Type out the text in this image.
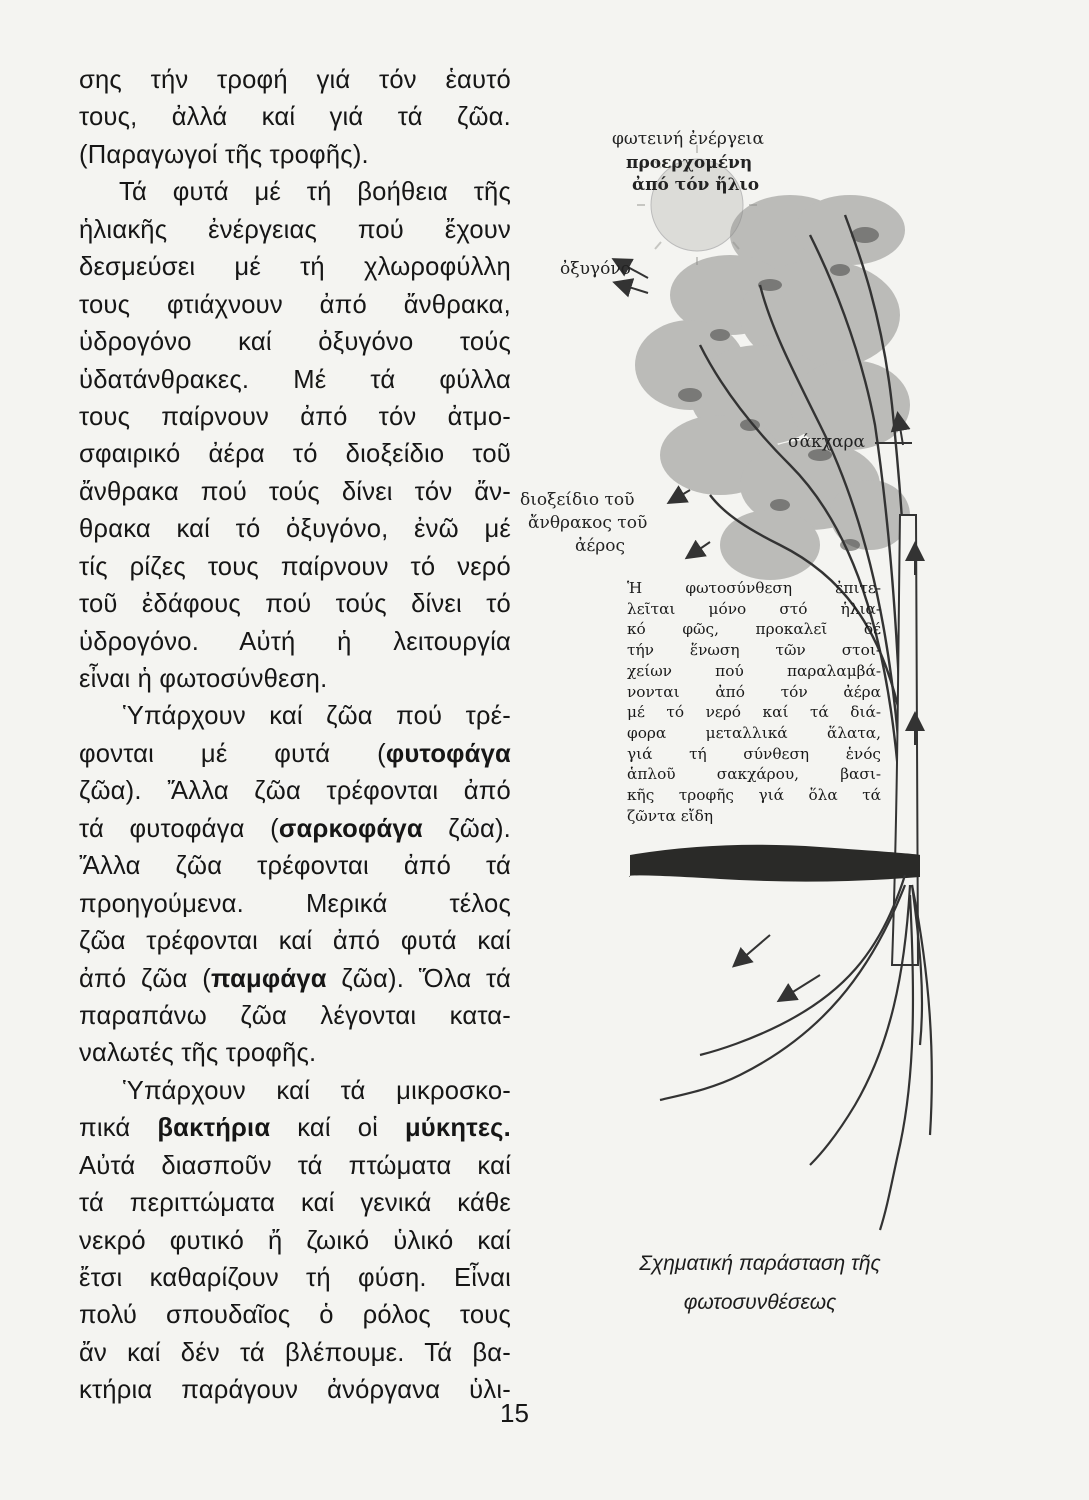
σης τήν τροφή γιά τόν ἑαυτό
τους, ἀλλά καί γιά τά ζῶα.
(Παραγωγοί τῆς τροφῆς).
Τά φυτά μέ τή βοήθεια τῆς
ἡλιακῆς ἐνέργειας πού ἔχουν
δεσμεύσει μέ τή χλωροφύλλη
τους φτιάχνουν ἀπό ἄνθρακα,
ὑδρογόνο καί ὀξυγόνο τούς
ὑδατάνθρακες. Μέ τά φύλλα
τους παίρνουν ἀπό τόν ἀτμο-
σφαιρικό ἀέρα τό διοξείδιο τοῦ
ἄνθρακα πού τούς δίνει τόν ἄν-
θρακα καί τό ὀξυγόνο, ἐνῶ μέ
τίς ρίζες τους παίρνουν τό νερό
τοῦ ἐδάφους πού τούς δίνει τό
ὑδρογόνο. Αὐτή ἡ λειτουργία
εἶναι ἡ φωτοσύνθεση.
Ὑπάρχουν καί ζῶα πού τρέ-
φονται μέ φυτά (φυτοφάγα
ζῶα). Ἄλλα ζῶα τρέφονται ἀπό
τά φυτοφάγα (σαρκοφάγα ζῶα).
Ἄλλα ζῶα τρέφονται ἀπό τά
προηγούμενα. Μερικά τέλος
ζῶα τρέφονται καί ἀπό φυτά καί
ἀπό ζῶα (παμφάγα ζῶα). Ὅλα τά
παραπάνω ζῶα λέγονται κατα-
ναλωτές τῆς τροφῆς.
Ὑπάρχουν καί τά μικροσκο-
πικά βακτήρια καί οἱ μύκητες.
Αὐτά διασποῦν τά πτώματα καί
τά περιττώματα καί γενικά κάθε
νεκρό φυτικό ἤ ζωικό ὑλικό καί
ἔτσι καθαρίζουν τή φύση. Εἶναι
πολύ σπουδαῖος ὁ ρόλος τους
ἄν καί δέν τά βλέπουμε. Τά βα-
κτήρια παράγουν ἀνόργανα ὑλι-
φωτεινή ἐνέργεια
προερχομένη
ἀπό τόν ἥλιο
ὀξυγόνο
σάκχαρα
διοξείδιο τοῦ
ἄνθρακος τοῦ
ἀέρος
Ἡ φωτοσύνθεση ἐπιτε-
λεῖται μόνο στό ἡλια-
κό φῶς, προκαλεῖ δέ
τήν ἕνωση τῶν στοι-
χείων πού παραλαμβά-
νονται ἀπό τόν ἀέρα
μέ τό νερό καί τά διά-
φορα μεταλλικά ἅλατα,
γιά τή σύνθεση ἑνός
ἁπλοῦ σακχάρου, βασι-
κῆς τροφῆς γιά ὅλα τά
ζῶντα εἴδη
Σχηματική παράσταση τῆς
φωτοσυνθέσεως
15
